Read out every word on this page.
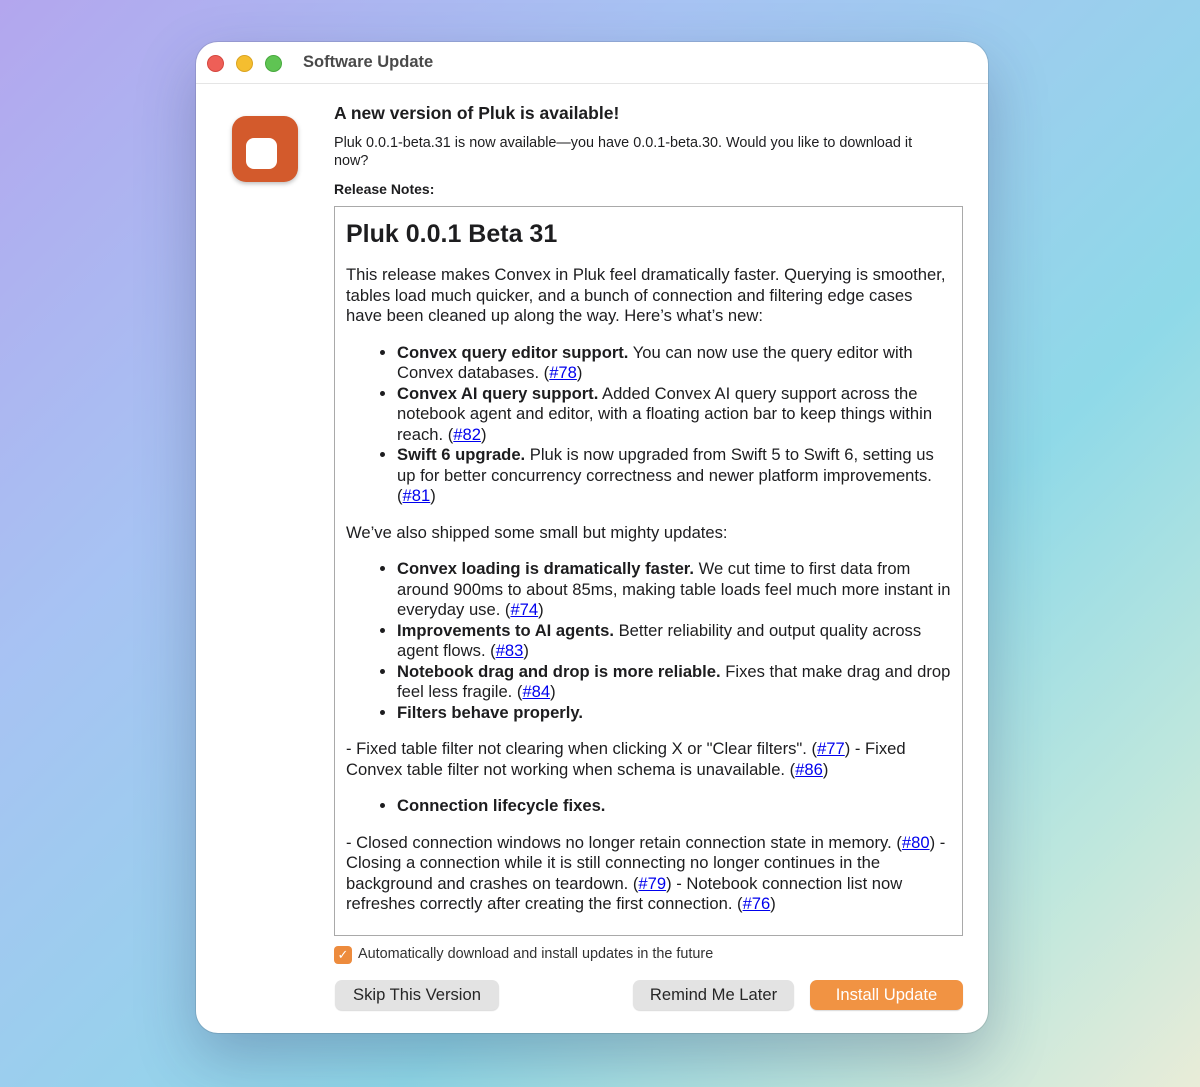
Software Update
A new version of Pluk is available!
Pluk 0.0.1-beta.31 is now available—you have 0.0.1-beta.30. Would you like to download it now?
Release Notes:
Pluk 0.0.1 Beta 31

This release makes Convex in Pluk feel dramatically faster. Querying is smoother, tables load much quicker, and a bunch of connection and filtering edge cases have been cleaned up along the way. Here’s what’s new:

• Convex query editor support. You can now use the query editor with Convex databases. (#78)
• Convex AI query support. Added Convex AI query support across the notebook agent and editor, with a floating action bar to keep things within reach. (#82)
• Swift 6 upgrade. Pluk is now upgraded from Swift 5 to Swift 6, setting us up for better concurrency correctness and newer platform improvements. (#81)

We’ve also shipped some small but mighty updates:

• Convex loading is dramatically faster. We cut time to first data from around 900ms to about 85ms, making table loads feel much more instant in everyday use. (#74)
• Improvements to AI agents. Better reliability and output quality across agent flows. (#83)
• Notebook drag and drop is more reliable. Fixes that make drag and drop feel less fragile. (#84)
• Filters behave properly.

- Fixed table filter not clearing when clicking X or "Clear filters". (#77) - Fixed Convex table filter not working when schema is unavailable. (#86)

• Connection lifecycle fixes.

- Closed connection windows no longer retain connection state in memory. (#80) - Closing a connection while it is still connecting no longer continues in the background and crashes on teardown. (#79) - Notebook connection list now refreshes correctly after creating the first connection. (#76)

✓ Automatically download and install updates in the future
Skip This Version	Remind Me Later	Install Update
